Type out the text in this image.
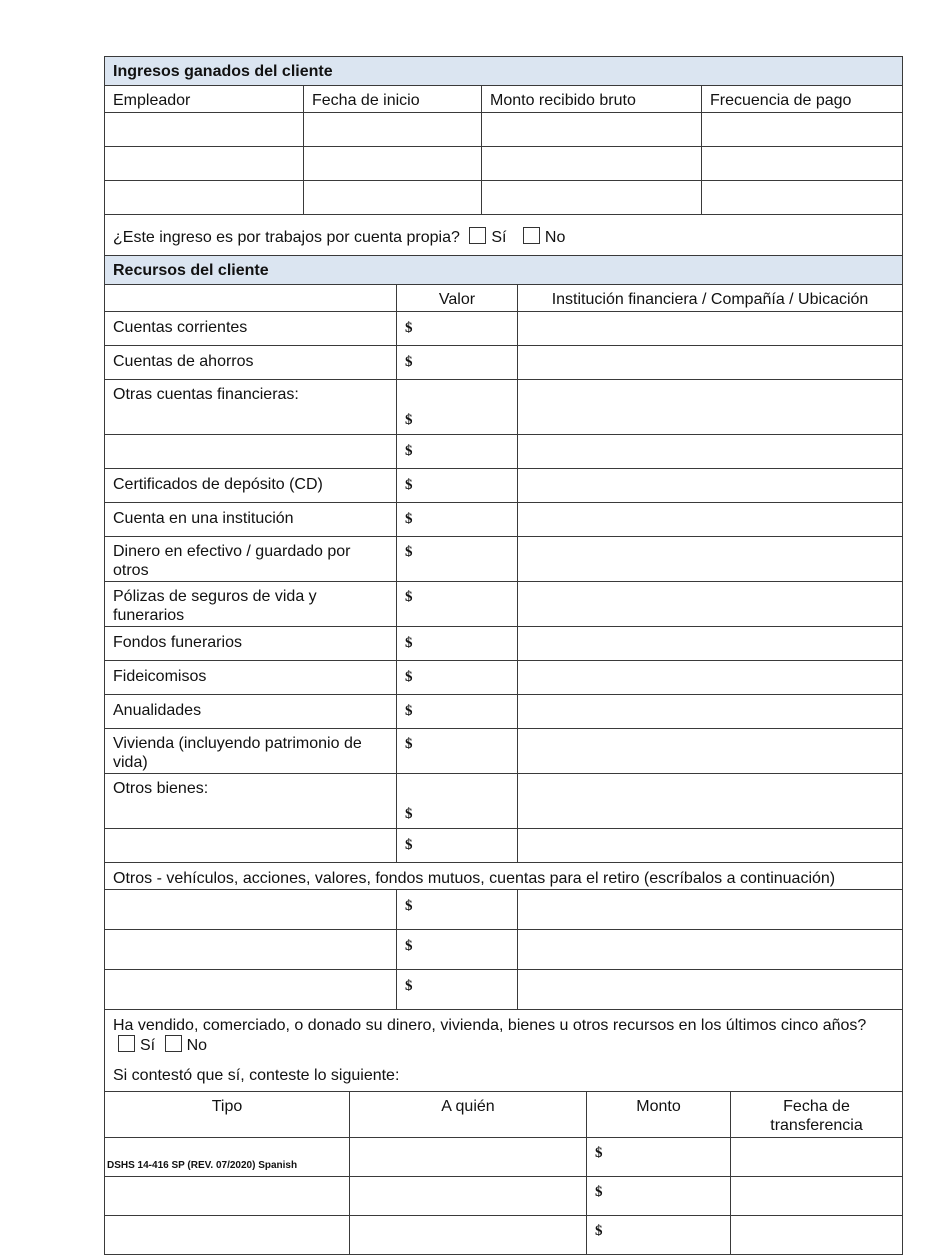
Ingresos ganados del cliente			
Empleador	Fecha de inicio	Monto recibido bruto	Frecuencia de pago

¿Este ingreso es por trabajos por cuenta propia? Sí No			
Recursos del cliente		
	Valor	Institución financiera / Compañía / Ubicación
Cuentas corrientes	$	
Cuentas de ahorros	$	
Otras cuentas financieras:	$	
	$	
Certificados de depósito (CD)	$	
Cuenta en una institución	$	
Dinero en efectivo / guardado por otros	$	
Pólizas de seguros de vida y funerarios	$	
Fondos funerarios	$	
Fideicomisos	$	
Anualidades	$	
Vivienda (incluyendo patrimonio de vida)	$	
Otros bienes:	$	
	$	
Otros - vehículos, acciones, valores, fondos mutuos, cuentas para el retiro (escríbalos a continuación)		
	$	
	$	
	$	

Ha vendido, comerciado, o donado su dinero, vivienda, bienes u otros recursos en los últimos cinco años? Sí No
Si contestó que sí, conteste lo siguiente:		
Tipo	A quién	Monto	Fecha de transferencia
		$	
		$	
		$	
DSHS 14-416 SP (REV. 07/2020) Spanish
